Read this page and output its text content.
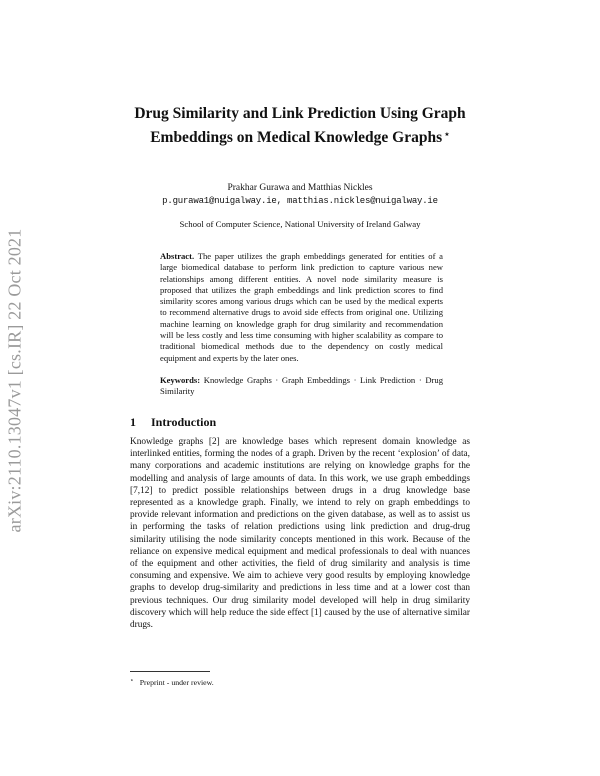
arXiv:2110.13047v1 [cs.IR] 22 Oct 2021
Drug Similarity and Link Prediction Using Graph Embeddings on Medical Knowledge Graphs ⋆
Prakhar Gurawa and Matthias Nickles
p.gurawa1@nuigalway.ie, matthias.nickles@nuigalway.ie
School of Computer Science, National University of Ireland Galway
Abstract. The paper utilizes the graph embeddings generated for entities of a large biomedical database to perform link prediction to capture various new relationships among different entities. A novel node similarity measure is proposed that utilizes the graph embeddings and link prediction scores to find similarity scores among various drugs which can be used by the medical experts to recommend alternative drugs to avoid side effects from original one. Utilizing machine learning on knowledge graph for drug similarity and recommendation will be less costly and less time consuming with higher scalability as compare to traditional biomedical methods due to the dependency on costly medical equipment and experts by the later ones.
Keywords: Knowledge Graphs · Graph Embeddings · Link Prediction · Drug Similarity
1 Introduction
Knowledge graphs [2] are knowledge bases which represent domain knowledge as interlinked entities, forming the nodes of a graph. Driven by the recent ‘explosion’ of data, many corporations and academic institutions are relying on knowledge graphs for the modelling and analysis of large amounts of data. In this work, we use graph embeddings [7,12] to predict possible relationships between drugs in a drug knowledge base represented as a knowledge graph. Finally, we intend to rely on graph embeddings to provide relevant information and predictions on the given database, as well as to assist us in performing the tasks of relation predictions using link prediction and drug-drug similarity utilising the node similarity concepts mentioned in this work. Because of the reliance on expensive medical equipment and medical professionals to deal with nuances of the equipment and other activities, the field of drug similarity and analysis is time consuming and expensive. We aim to achieve very good results by employing knowledge graphs to develop drug-similarity and predictions in less time and at a lower cost than previous techniques. Our drug similarity model developed will help in drug similarity discovery which will help reduce the side effect [1] caused by the use of alternative similar drugs.
⋆ Preprint - under review.
